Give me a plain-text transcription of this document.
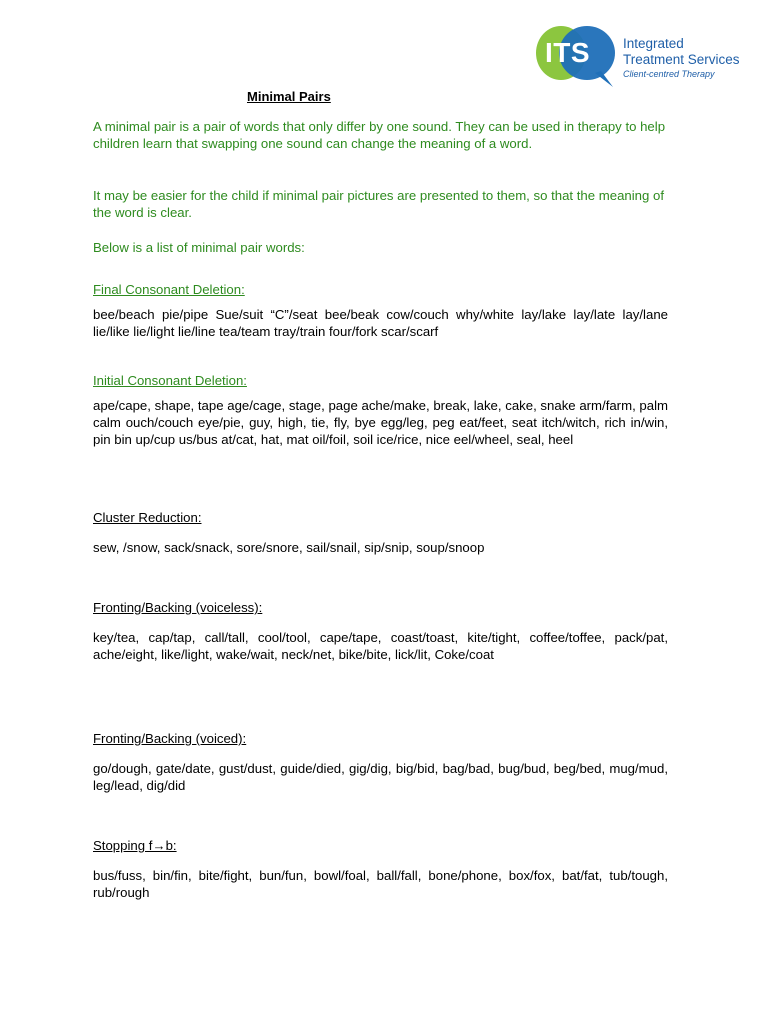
ITS Integrated
Treatment Services
Client-centred Therapy
Minimal Pairs
A minimal pair is a pair of words that only differ by one sound. They can be used in therapy to help children learn that swapping one sound can change the meaning of a word.
It may be easier for the child if minimal pair pictures are presented to them, so that the meaning of the word is clear.
Below is a list of minimal pair words:
Final Consonant Deletion:
bee/beach pie/pipe Sue/suit “C”/seat bee/beak cow/couch why/white lay/lake lay/late lay/lane lie/like lie/light lie/line tea/team tray/train four/fork scar/scarf
Initial Consonant Deletion:
ape/cape, shape, tape age/cage, stage, page ache/make, break, lake, cake, snake arm/farm, palm calm ouch/couch eye/pie, guy, high, tie, fly, bye egg/leg, peg eat/feet, seat itch/witch, rich in/win, pin bin up/cup us/bus at/cat, hat, mat oil/foil, soil ice/rice, nice eel/wheel, seal, heel
Cluster Reduction:
sew, /snow, sack/snack, sore/snore, sail/snail, sip/snip, soup/snoop
Fronting/Backing (voiceless):
key/tea, cap/tap, call/tall, cool/tool, cape/tape, coast/toast, kite/tight, coffee/toffee, pack/pat, ache/eight, like/light, wake/wait, neck/net, bike/bite, lick/lit, Coke/coat
Fronting/Backing (voiced):
go/dough, gate/date, gust/dust, guide/died, gig/dig, big/bid, bag/bad, bug/bud, beg/bed, mug/mud, leg/lead, dig/did
Stopping f→b:
bus/fuss, bin/fin, bite/fight, bun/fun, bowl/foal, ball/fall, bone/phone, box/fox, bat/fat, tub/tough, rub/rough
